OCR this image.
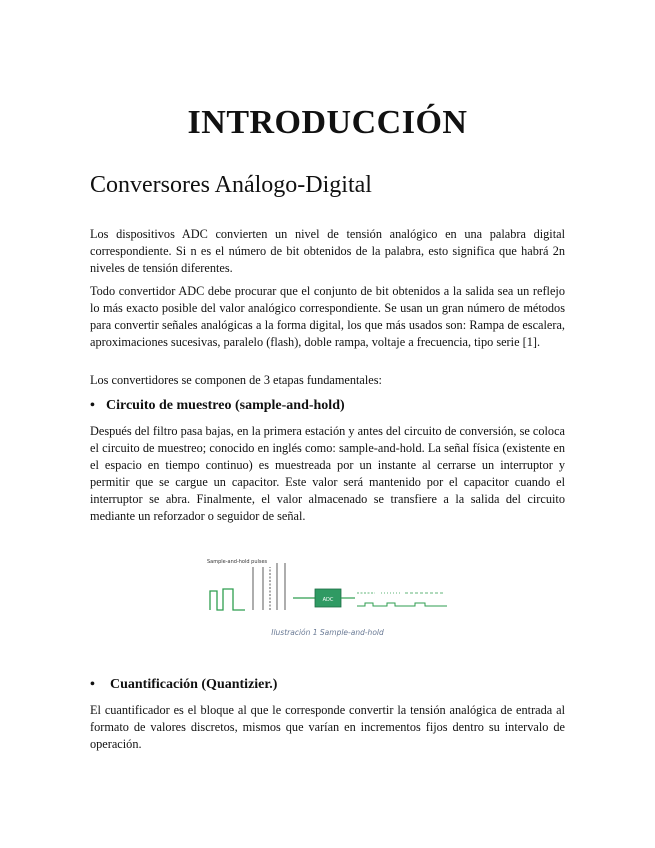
INTRODUCCIÓN
Conversores Análogo-Digital

Los dispositivos ADC convierten un nivel de tensión analógico en una palabra digital correspondiente. Si n es el número de bit obtenidos de la palabra, esto significa que habrá 2n niveles de tensión diferentes.

Todo convertidor ADC debe procurar que el conjunto de bit obtenidos a la salida sea un reflejo lo más exacto posible del valor analógico correspondiente. Se usan un gran número de métodos para convertir señales analógicas a la forma digital, los que más usados son: Rampa de escalera, aproximaciones sucesivas, paralelo (flash), doble rampa, voltaje a frecuencia, tipo serie [1].

Los convertidores se componen de 3 etapas fundamentales:

• Circuito de muestreo (sample-and-hold)

Después del filtro pasa bajas, en la primera estación y antes del circuito de conversión, se coloca el circuito de muestreo; conocido en inglés como: sample-and-hold. La señal física (existente en el espacio en tiempo continuo) es muestreada por un instante al cerrarse un interruptor y permitir que se cargue un capacitor. Este valor será mantenido por el capacitor cuando el interruptor se abra. Finalmente, el valor almacenado se transfiere a la salida del circuito mediante un reforzador o seguidor de señal.

Sample-and-hold pulses
ADC
Ilustración 1 Sample-and-hold
• Cuantificación (Quantizier.)

El cuantificador es el bloque al que le corresponde convertir la tensión analógica de entrada al formato de valores discretos, mismos que varían en incrementos fijos dentro su intervalo de operación.
